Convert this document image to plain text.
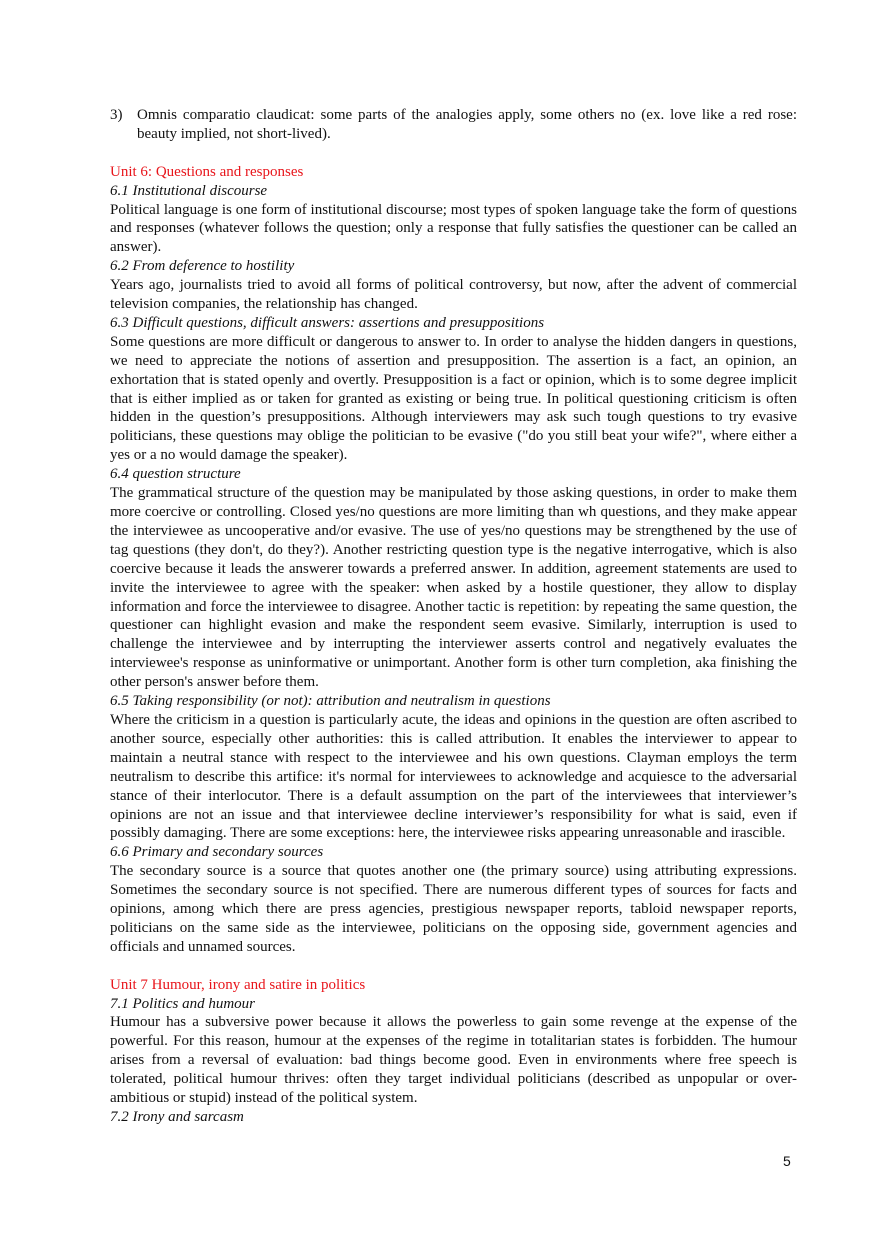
3) Omnis comparatio claudicat: some parts of the analogies apply, some others no (ex. love like a red rose: beauty implied, not short-lived).
Unit 6: Questions and responses
6.1 Institutional discourse

Political language is one form of institutional discourse; most types of spoken language take the form of questions and responses (whatever follows the question; only a response that fully satisfies the questioner can be called an answer).

6.2 From deference to hostility

Years ago, journalists tried to avoid all forms of political controversy, but now, after the advent of commercial television companies, the relationship has changed.

6.3 Difficult questions, difficult answers: assertions and presuppositions

Some questions are more difficult or dangerous to answer to. In order to analyse the hidden dangers in questions, we need to appreciate the notions of assertion and presupposition. The assertion is a fact, an opinion, an exhortation that is stated openly and overtly. Presupposition is a fact or opinion, which is to some degree implicit that is either implied as or taken for granted as existing or being true. In political questioning criticism is often hidden in the question’s presuppositions. Although interviewers may ask such tough questions to try evasive politicians, these questions may oblige the politician to be evasive ("do you still beat your wife?", where either a yes or a no would damage the speaker).

6.4 question structure

The grammatical structure of the question may be manipulated by those asking questions, in order to make them more coercive or controlling. Closed yes/no questions are more limiting than wh questions, and they make appear the interviewee as uncooperative and/or evasive. The use of yes/no questions may be strengthened by the use of tag questions (they don't, do they?). Another restricting question type is the negative interrogative, which is also coercive because it leads the answerer towards a preferred answer. In addition, agreement statements are used to invite the interviewee to agree with the speaker: when asked by a hostile questioner, they allow to display information and force the interviewee to disagree. Another tactic is repetition: by repeating the same question, the questioner can highlight evasion and make the respondent seem evasive. Similarly, interruption is used to challenge the interviewee and by interrupting the interviewer asserts control and negatively evaluates the interviewee's response as uninformative or unimportant. Another form is other turn completion, aka finishing the other person's answer before them.

6.5 Taking responsibility (or not): attribution and neutralism in questions

Where the criticism in a question is particularly acute, the ideas and opinions in the question are often ascribed to another source, especially other authorities: this is called attribution. It enables the interviewer to appear to maintain a neutral stance with respect to the interviewee and his own questions. Clayman employs the term neutralism to describe this artifice: it's normal for interviewees to acknowledge and acquiesce to the adversarial stance of their interlocutor. There is a default assumption on the part of the interviewees that interviewer’s opinions are not an issue and that interviewee decline interviewer’s responsibility for what is said, even if possibly damaging. There are some exceptions: here, the interviewee risks appearing unreasonable and irascible.

6.6 Primary and secondary sources

The secondary source is a source that quotes another one (the primary source) using attributing expressions. Sometimes the secondary source is not specified. There are numerous different types of sources for facts and opinions, among which there are press agencies, prestigious newspaper reports, tabloid newspaper reports, politicians on the same side as the interviewee, politicians on the opposing side, government agencies and officials and unnamed sources.

Unit 7 Humour, irony and satire in politics
7.1 Politics and humour

Humour has a subversive power because it allows the powerless to gain some revenge at the expense of the powerful. For this reason, humour at the expenses of the regime in totalitarian states is forbidden. The humour arises from a reversal of evaluation: bad things become good. Even in environments where free speech is tolerated, political humour thrives: often they target individual politicians (described as unpopular or over-ambitious or stupid) instead of the political system.

7.2 Irony and sarcasm
5
